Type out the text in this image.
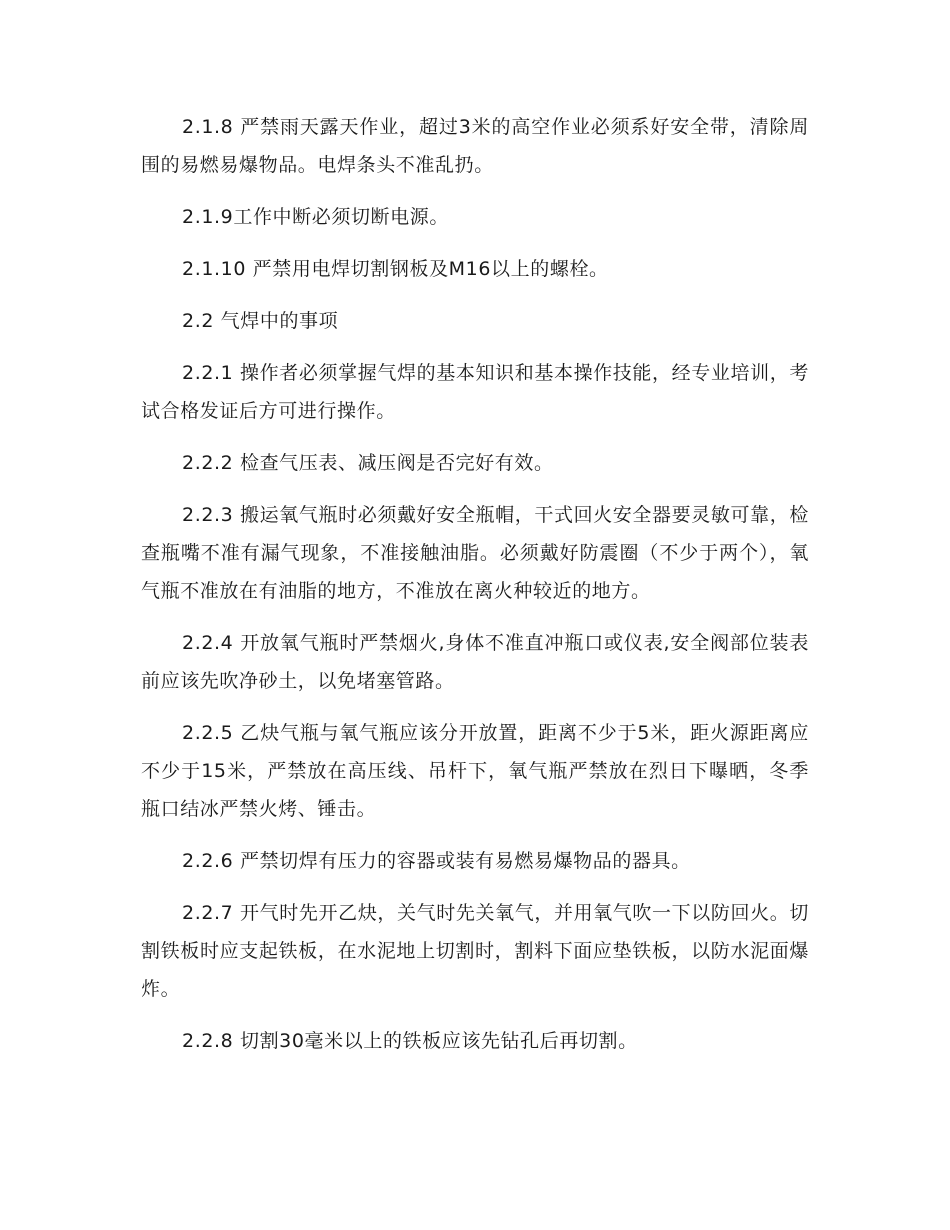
2.1.8 严禁雨天露天作业，超过3米的高空作业必须系好安全带，清除周围的易燃易爆物品。电焊条头不准乱扔。

2.1.9工作中断必须切断电源。

2.1.10 严禁用电焊切割钢板及M16以上的螺栓。

2.2 气焊中的事项

2.2.1 操作者必须掌握气焊的基本知识和基本操作技能，经专业培训，考试合格发证后方可进行操作。

2.2.2 检查气压表、减压阀是否完好有效。

2.2.3 搬运氧气瓶时必须戴好安全瓶帽，干式回火安全器要灵敏可靠，检查瓶嘴不准有漏气现象，不准接触油脂。必须戴好防震圈（不少于两个），氧气瓶不准放在有油脂的地方，不准放在离火种较近的地方。

2.2.4 开放氧气瓶时严禁烟火,身体不准直冲瓶口或仪表,安全阀部位装表前应该先吹净砂土，以免堵塞管路。

2.2.5 乙炔气瓶与氧气瓶应该分开放置，距离不少于5米，距火源距离应不少于15米，严禁放在高压线、吊杆下，氧气瓶严禁放在烈日下曝晒，冬季瓶口结冰严禁火烤、锤击。

2.2.6 严禁切焊有压力的容器或装有易燃易爆物品的器具。

2.2.7 开气时先开乙炔，关气时先关氧气，并用氧气吹一下以防回火。切割铁板时应支起铁板，在水泥地上切割时，割料下面应垫铁板，以防水泥面爆炸。

2.2.8 切割30毫米以上的铁板应该先钻孔后再切割。
